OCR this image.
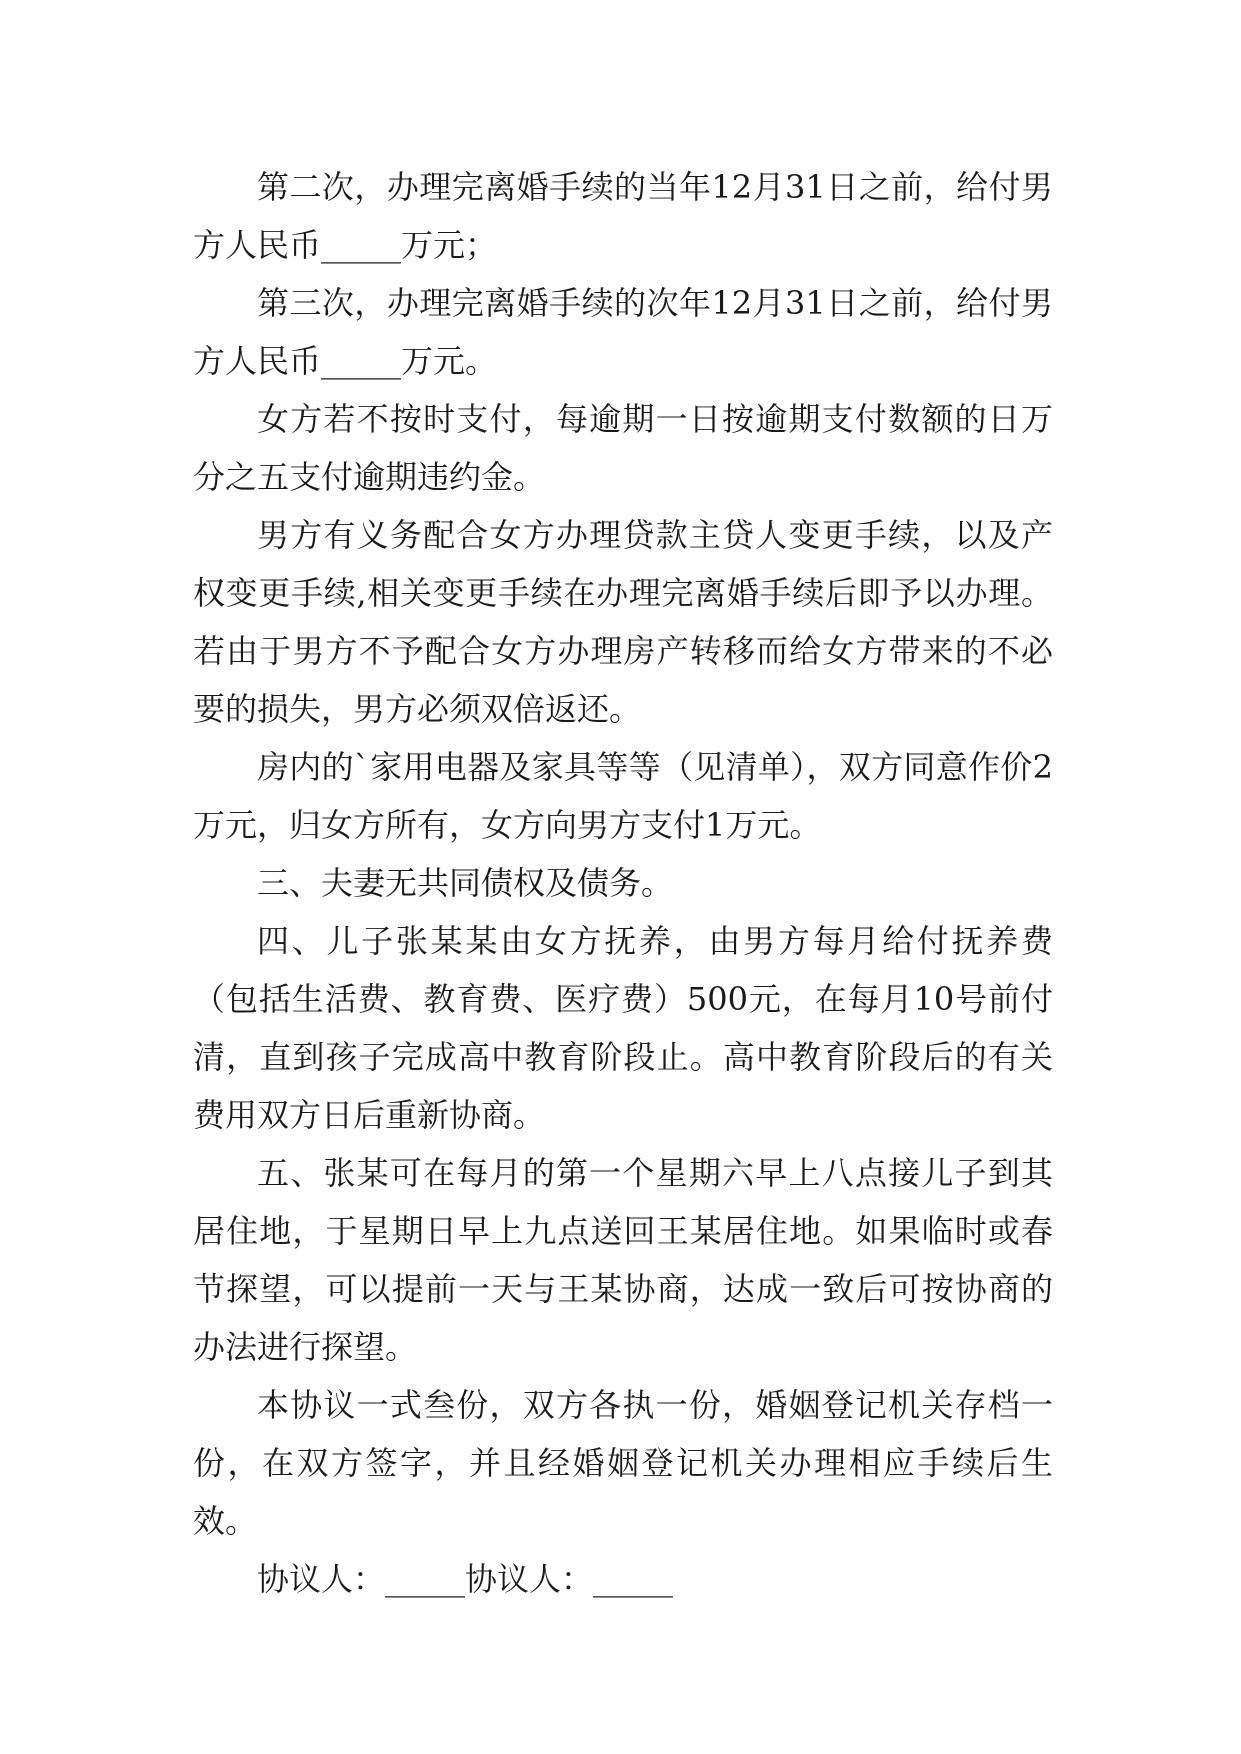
第二次，办理完离婚手续的当年12月31日之前，给付男方人民币_____万元；

第三次，办理完离婚手续的次年12月31日之前，给付男方人民币_____万元。

女方若不按时支付，每逾期一日按逾期支付数额的日万分之五支付逾期违约金。

男方有义务配合女方办理贷款主贷人变更手续，以及产权变更手续,相关变更手续在办理完离婚手续后即予以办理。若由于男方不予配合女方办理房产转移而给女方带来的不必要的损失，男方必须双倍返还。

房内的`家用电器及家具等等（见清单），双方同意作价2万元，归女方所有，女方向男方支付1万元。

三、夫妻无共同债权及债务。

四、儿子张某某由女方抚养，由男方每月给付抚养费（包括生活费、教育费、医疗费）500元，在每月10号前付清，直到孩子完成高中教育阶段止。高中教育阶段后的有关费用双方日后重新协商。

五、张某可在每月的第一个星期六早上八点接儿子到其居住地，于星期日早上九点送回王某居住地。如果临时或春节探望，可以提前一天与王某协商，达成一致后可按协商的办法进行探望。

本协议一式叁份，双方各执一份，婚姻登记机关存档一份，在双方签字，并且经婚姻登记机关办理相应手续后生效。

协议人：_____协议人：_____
